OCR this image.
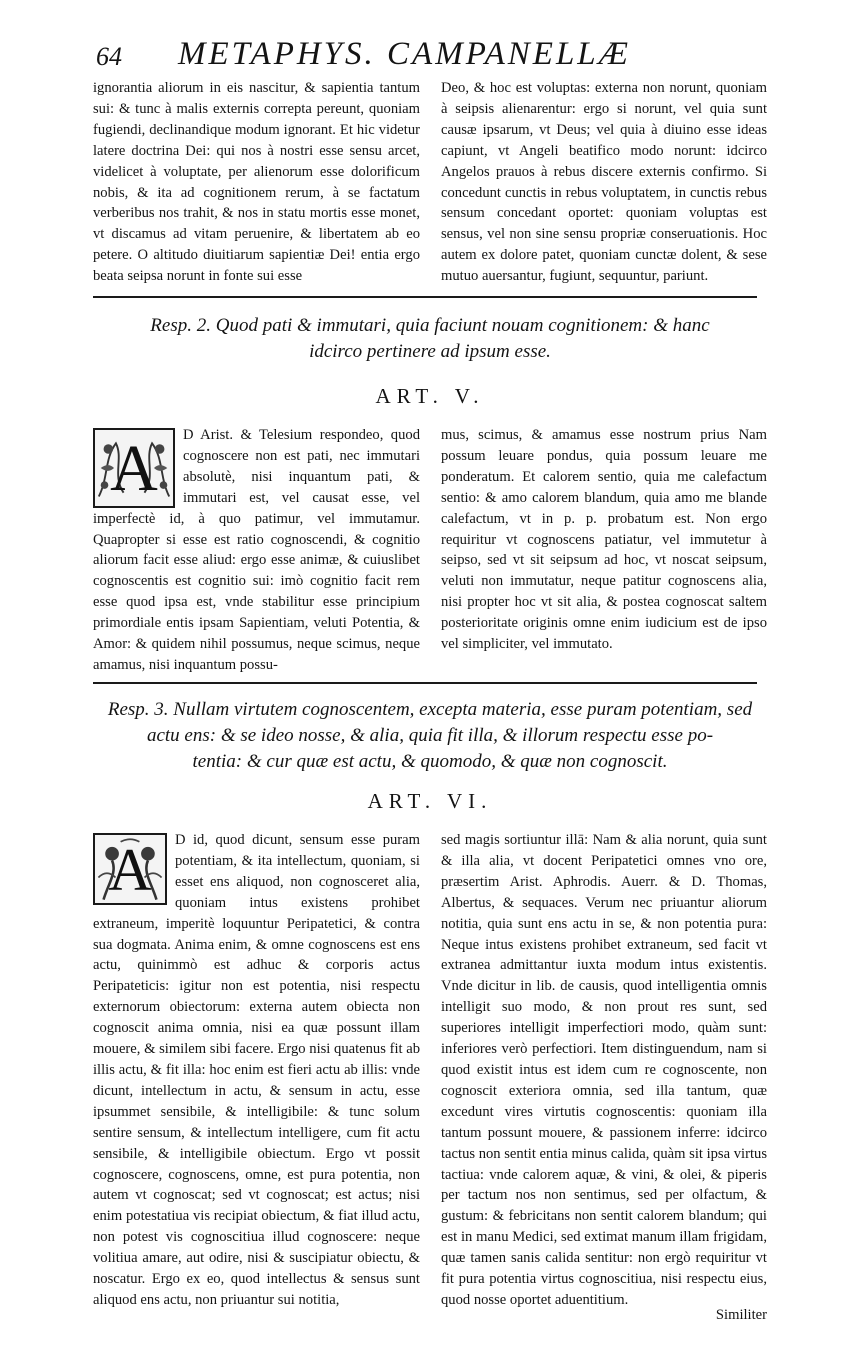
64 METAPHYS. CAMPANELLÆ

ignorantia aliorum in eis nascitur, & sapientia tantum sui: & tunc à malis externis correpta pereunt, quoniam fugiendi, declinandique modum ignorant. Et hic videtur latere doctrina Dei: qui nos à nostri esse sensu arcet, videlicet à voluptate, per alienorum esse dolorificum nobis, & ita ad cognitionem rerum, à se factatum verberibus nos trahit, & nos in statu mortis esse monet, vt discamus ad vitam peruenire, & libertatem ab eo petere. O altitudo diuitiarum sapientiæ Dei! entia ergo beata seipsa norunt in fonte sui esse

Deo, & hoc est voluptas: externa non norunt, quoniam à seipsis alienarentur: ergo si norunt, vel quia sunt causæ ipsarum, vt Deus; vel quia à diuino esse ideas capiunt, vt Angeli beatifico modo norunt: idcirco Angelos prauos à rebus discere externis confirmo. Si concedunt cunctis in rebus voluptatem, in cunctis rebus sensum concedant oportet: quoniam voluptas est sensus, vel non sine sensu propriæ conseruationis. Hoc autem ex dolore patet, quoniam cunctæ dolent, & sese mutuo auersantur, fugiunt, sequuntur, pariunt.

Resp. 2. Quod pati & immutari, quia faciunt nouam cognitionem: & hanc
idcirco pertinere ad ipsum esse.
ART. V.
A	D Arist. & Telesium respondeo, quod cognoscere non est pati, nec immutari absolutè, nisi inquantum pati, & immutari est, vel causat esse, vel imperfectè id, à quo patimur, vel immutamur. Quapropter si esse est ratio cognoscendi, & cognitio aliorum facit esse aliud: ergo esse animæ, & cuiuslibet cognoscentis est cognitio sui: imò cognitio facit rem esse quod ipsa est, vnde stabilitur esse principium primordiale entis ipsam Sapientiam, veluti Potentia, & Amor: & quidem nihil possumus, neque scimus, neque amamus, nisi inquantum possu-

mus, scimus, & amamus esse nostrum prius Nam possum leuare pondus, quia possum leuare me ponderatum. Et calorem sentio, quia me calefactum sentio: & amo calorem blandum, quia amo me blande calefactum, vt in p. p. probatum est. Non ergo requiritur vt cognoscens patiatur, vel immutetur à seipso, sed vt sit seipsum ad hoc, vt noscat seipsum, veluti non immutatur, neque patitur cognoscens alia, nisi propter hoc vt sit alia, & postea cognoscat saltem posterioritate originis omne enim iudicium est de ipso vel simpliciter, vel immutato.

Resp. 3. Nullam virtutem cognoscentem, excepta materia, esse puram potentiam, sed
actu ens: & se ideo nosse, & alia, quia fit illa, & illorum respectu esse po-
tentia: & cur quæ est actu, & quomodo, & quæ non cognoscit.
ART. VI.
A	D id, quod dicunt, sensum esse puram potentiam, & ita intellectum, quoniam, si esset ens aliquod, non cognosceret alia, quoniam intus existens prohibet extraneum, imperitè loquuntur Peripatetici, & contra sua dogmata. Anima enim, & omne cognoscens est ens actu, quinimmò est adhuc & corporis actus Peripateticis: igitur non est potentia, nisi respectu externorum obiectorum: externa autem obiecta non cognoscit anima omnia, nisi ea quæ possunt illam mouere, & similem sibi facere. Ergo nisi quatenus fit ab illis actu, & fit illa: hoc enim est fieri actu ab illis: vnde dicunt, intellectum in actu, & sensum in actu, esse ipsummet sensibile, & intelligibile: & tunc solum sentire sensum, & intellectum intelligere, cum fit actu sensibile, & intelligibile obiectum. Ergo vt possit cognoscere, cognoscens, omne, est pura potentia, non autem vt cognoscat; sed vt cognoscat; est actus; nisi enim potestatiua vis recipiat obiectum, & fiat illud actu, non potest vis cognoscitiua illud cognoscere: neque volitiua amare, aut odire, nisi & suscipiatur obiectu, & noscatur. Ergo ex eo, quod intellectus & sensus sunt aliquod ens actu, non priuantur sui notitia,

sed magis sortiuntur illā: Nam & alia norunt, quia sunt & illa alia, vt docent Peripatetici omnes vno ore, præsertim Arist. Aphrodis. Auerr. & D. Thomas, Albertus, & sequaces. Verum nec priuantur aliorum notitia, quia sunt ens actu in se, & non potentia pura: Neque intus existens prohibet extraneum, sed facit vt extranea admittantur iuxta modum intus existentis. Vnde dicitur in lib. de causis, quod intelligentia omnis intelligit suo modo, & non prout res sunt, sed superiores intelligit imperfectiori modo, quàm sunt: inferiores verò perfectiori. Item distinguendum, nam si quod existit intus est idem cum re cognoscente, non cognoscit exteriora omnia, sed illa tantum, quæ excedunt vires virtutis cognoscentis: quoniam illa tantum possunt mouere, & passionem inferre: idcirco tactus non sentit entia minus calida, quàm sit ipsa virtus tactiua: vnde calorem aquæ, & vini, & olei, & piperis per tactum nos non sentimus, sed per olfactum, & gustum: & febricitans non sentit calorem blandum; qui est in manu Medici, sed extimat manum illam frigidam, quæ tamen sanis calida sentitur: non ergò requiritur vt fit pura potentia virtus cognoscitiua, nisi respectu eius, quod nosse oportet aduentitium.

Similiter
